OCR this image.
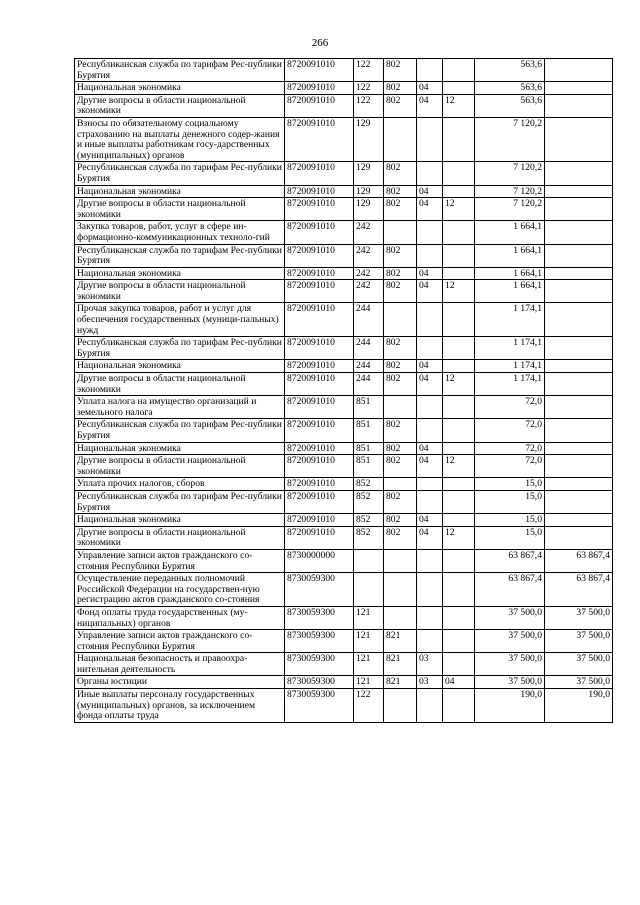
266
Республиканская служба по тарифам Рес-публики Бурятия	8720091010	122	802			563,6	
Национальная экономика	8720091010	122	802	04		563,6	
Другие вопросы в области национальной экономики	8720091010	122	802	04	12	563,6	
Взносы по обязательному социальному страхованию на выплаты денежного содер-жания и иные выплаты работникам госу-дарственных (муниципальных) органов	8720091010	129				7 120,2	
Республиканская служба по тарифам Рес-публики Бурятия	8720091010	129	802			7 120,2	
Национальная экономика	8720091010	129	802	04		7 120,2	
Другие вопросы в области национальной экономики	8720091010	129	802	04	12	7 120,2	
Закупка товаров, работ, услуг в сфере ин-формационно-коммуникационных техноло-гий	8720091010	242				1 664,1	
Республиканская служба по тарифам Рес-публики Бурятия	8720091010	242	802			1 664,1	
Национальная экономика	8720091010	242	802	04		1 664,1	
Другие вопросы в области национальной экономики	8720091010	242	802	04	12	1 664,1	
Прочая закупка товаров, работ и услуг для обеспечения государственных (муници-пальных) нужд	8720091010	244				1 174,1	
Республиканская служба по тарифам Рес-публики Бурятия	8720091010	244	802			1 174,1	
Национальная экономика	8720091010	244	802	04		1 174,1	
Другие вопросы в области национальной экономики	8720091010	244	802	04	12	1 174,1	
Уплата налога на имущество организаций и земельного налога	8720091010	851				72,0	
Республиканская служба по тарифам Рес-публики Бурятия	8720091010	851	802			72,0	
Национальная экономика	8720091010	851	802	04		72,0	
Другие вопросы в области национальной экономики	8720091010	851	802	04	12	72,0	
Уплата прочих налогов, сборов	8720091010	852				15,0	
Республиканская служба по тарифам Рес-публики Бурятия	8720091010	852	802			15,0	
Национальная экономика	8720091010	852	802	04		15,0	
Другие вопросы в области национальной экономики	8720091010	852	802	04	12	15,0	
Управление записи актов гражданского со-стояния Республики Бурятия	8730000000					63 867,4	63 867,4
Осуществление переданных полномочий Российской Федерации на государствен-ную регистрацию актов гражданского со-стояния	8730059300					63 867,4	63 867,4
Фонд оплаты труда государственных (му-ниципальных) органов	8730059300	121				37 500,0	37 500,0
Управление записи актов гражданского со-стояния Республики Бурятия	8730059300	121	821			37 500,0	37 500,0
Национальная безопасность и правоохра-нительная деятельность	8730059300	121	821	03		37 500,0	37 500,0
Органы юстиции	8730059300	121	821	03	04	37 500,0	37 500,0
Иные выплаты персоналу государственных (муниципальных) органов, за исключением фонда оплаты труда	8730059300	122				190,0	190,0
